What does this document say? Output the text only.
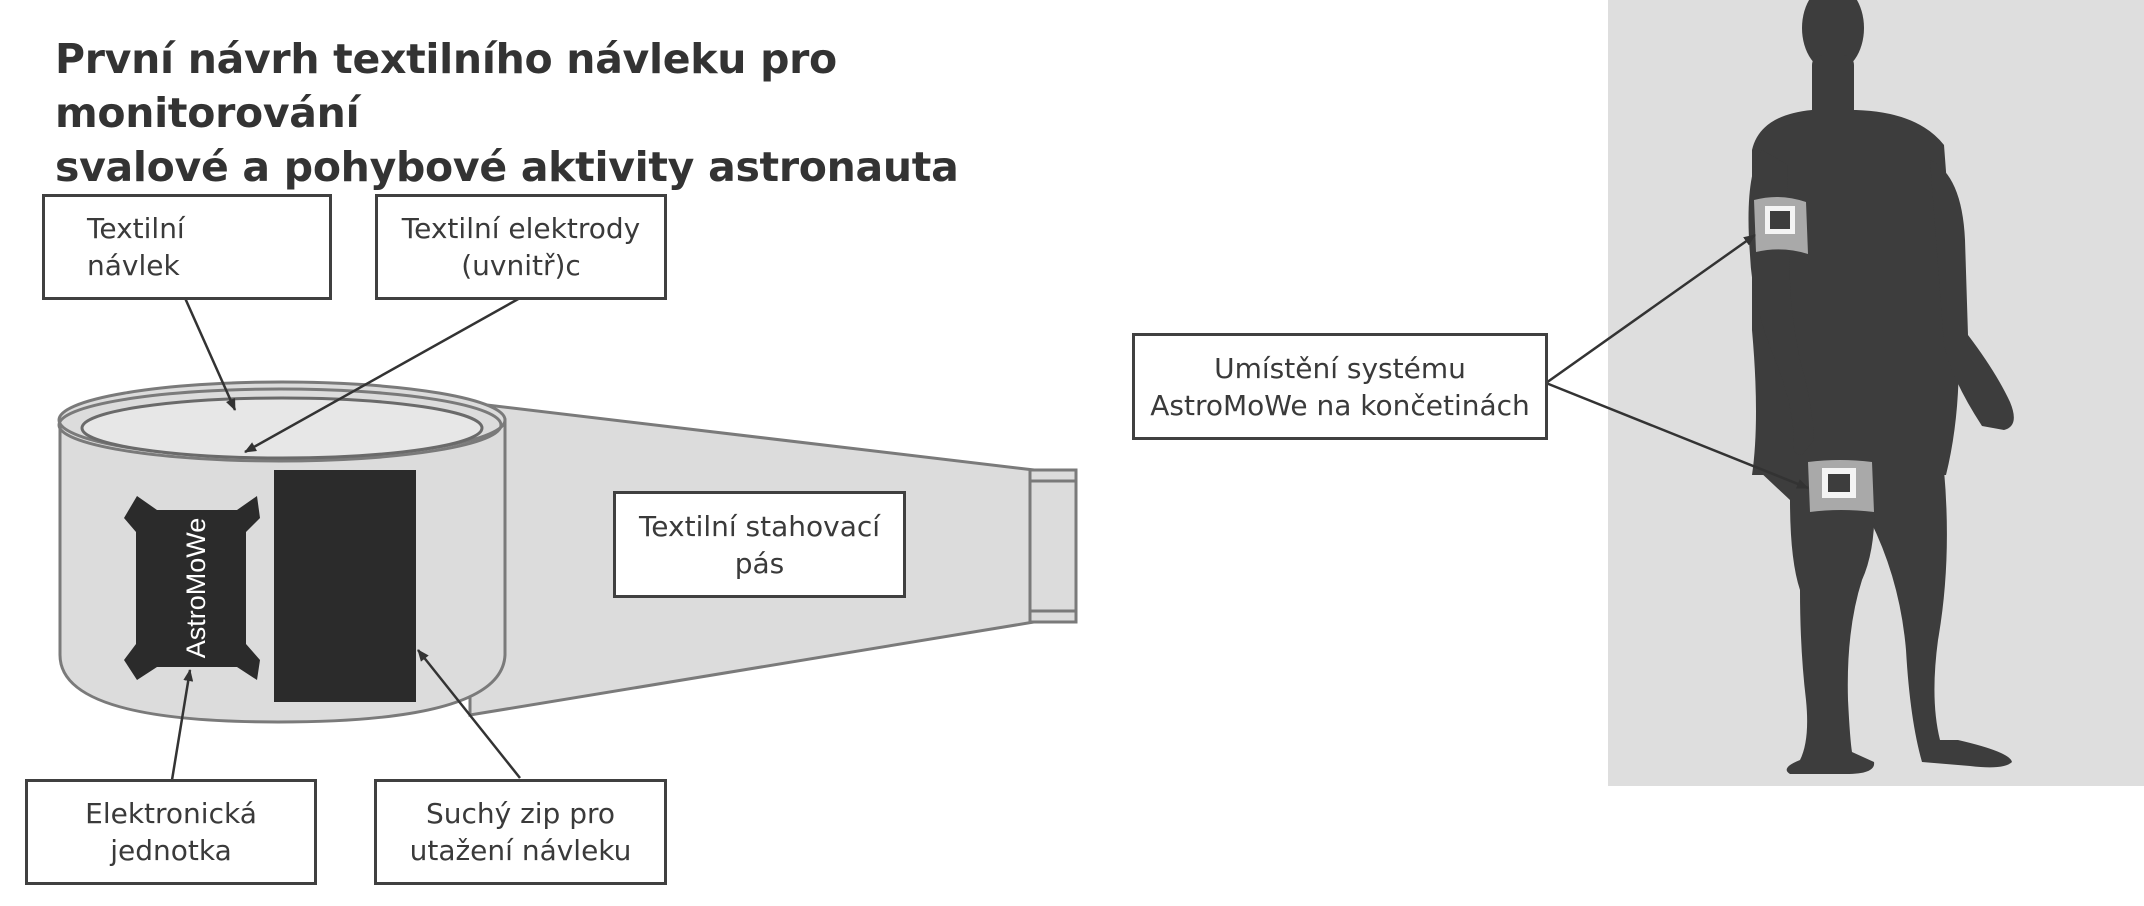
První návrh textilního návleku pro monitorování
svalové a pohybové aktivity astronauta
AstroMoWe
Textilní
návlek
Textilní elektrody
(uvnitř)c
Textilní stahovací
pás
Elektronická
jednotka
Suchý zip pro
utažení návleku
Umístění systému
AstroMoWe na končetinách
